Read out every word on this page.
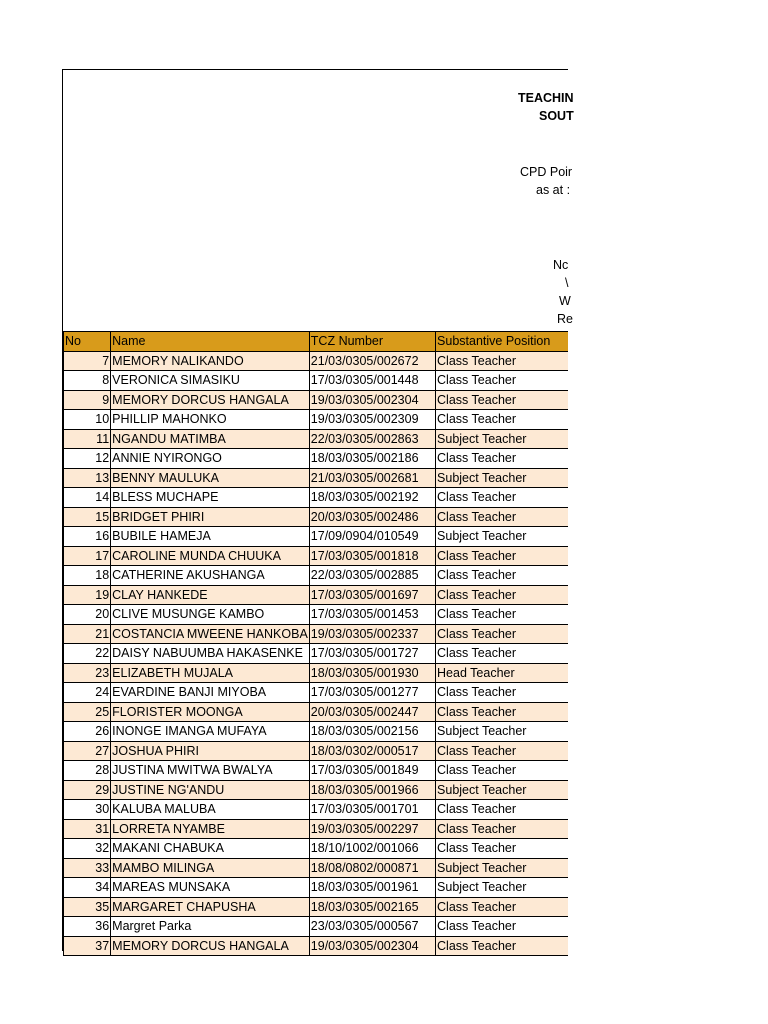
TEACHIN
SOUT
CPD Poir
as at :
Nc
\
W
Re
No	Name	TCZ Number	Substantive Position
7	MEMORY NALIKANDO	21/03/0305/002672	Class Teacher
8	VERONICA SIMASIKU	17/03/0305/001448	Class Teacher
9	MEMORY DORCUS HANGALA	19/03/0305/002304	Class Teacher
10	PHILLIP MAHONKO	19/03/0305/002309	Class Teacher
11	NGANDU MATIMBA	22/03/0305/002863	Subject Teacher
12	ANNIE NYIRONGO	18/03/0305/002186	Class Teacher
13	BENNY MAULUKA	21/03/0305/002681	Subject Teacher
14	BLESS MUCHAPE	18/03/0305/002192	Class Teacher
15	BRIDGET PHIRI	20/03/0305/002486	Class Teacher
16	BUBILE HAMEJA	17/09/0904/010549	Subject Teacher
17	CAROLINE MUNDA CHUUKA	17/03/0305/001818	Class Teacher
18	CATHERINE AKUSHANGA	22/03/0305/002885	Class Teacher
19	CLAY HANKEDE	17/03/0305/001697	Class Teacher
20	CLIVE MUSUNGE KAMBO	17/03/0305/001453	Class Teacher
21	COSTANCIA MWEENE HANKOBA	19/03/0305/002337	Class Teacher
22	DAISY NABUUMBA HAKASENKE	17/03/0305/001727	Class Teacher
23	ELIZABETH MUJALA	18/03/0305/001930	Head Teacher
24	EVARDINE BANJI MIYOBA	17/03/0305/001277	Class Teacher
25	FLORISTER MOONGA	20/03/0305/002447	Class Teacher
26	INONGE IMANGA MUFAYA	18/03/0305/002156	Subject Teacher
27	JOSHUA PHIRI	18/03/0302/000517	Class Teacher
28	JUSTINA MWITWA BWALYA	17/03/0305/001849	Class Teacher
29	JUSTINE NG'ANDU	18/03/0305/001966	Subject Teacher
30	KALUBA MALUBA	17/03/0305/001701	Class Teacher
31	LORRETA NYAMBE	19/03/0305/002297	Class Teacher
32	MAKANI CHABUKA	18/10/1002/001066	Class Teacher
33	MAMBO MILINGA	18/08/0802/000871	Subject Teacher
34	MAREAS MUNSAKA	18/03/0305/001961	Subject Teacher
35	MARGARET CHAPUSHA	18/03/0305/002165	Class Teacher
36	Margret Parka	23/03/0305/000567	Class Teacher
37	MEMORY DORCUS HANGALA	19/03/0305/002304	Class Teacher
